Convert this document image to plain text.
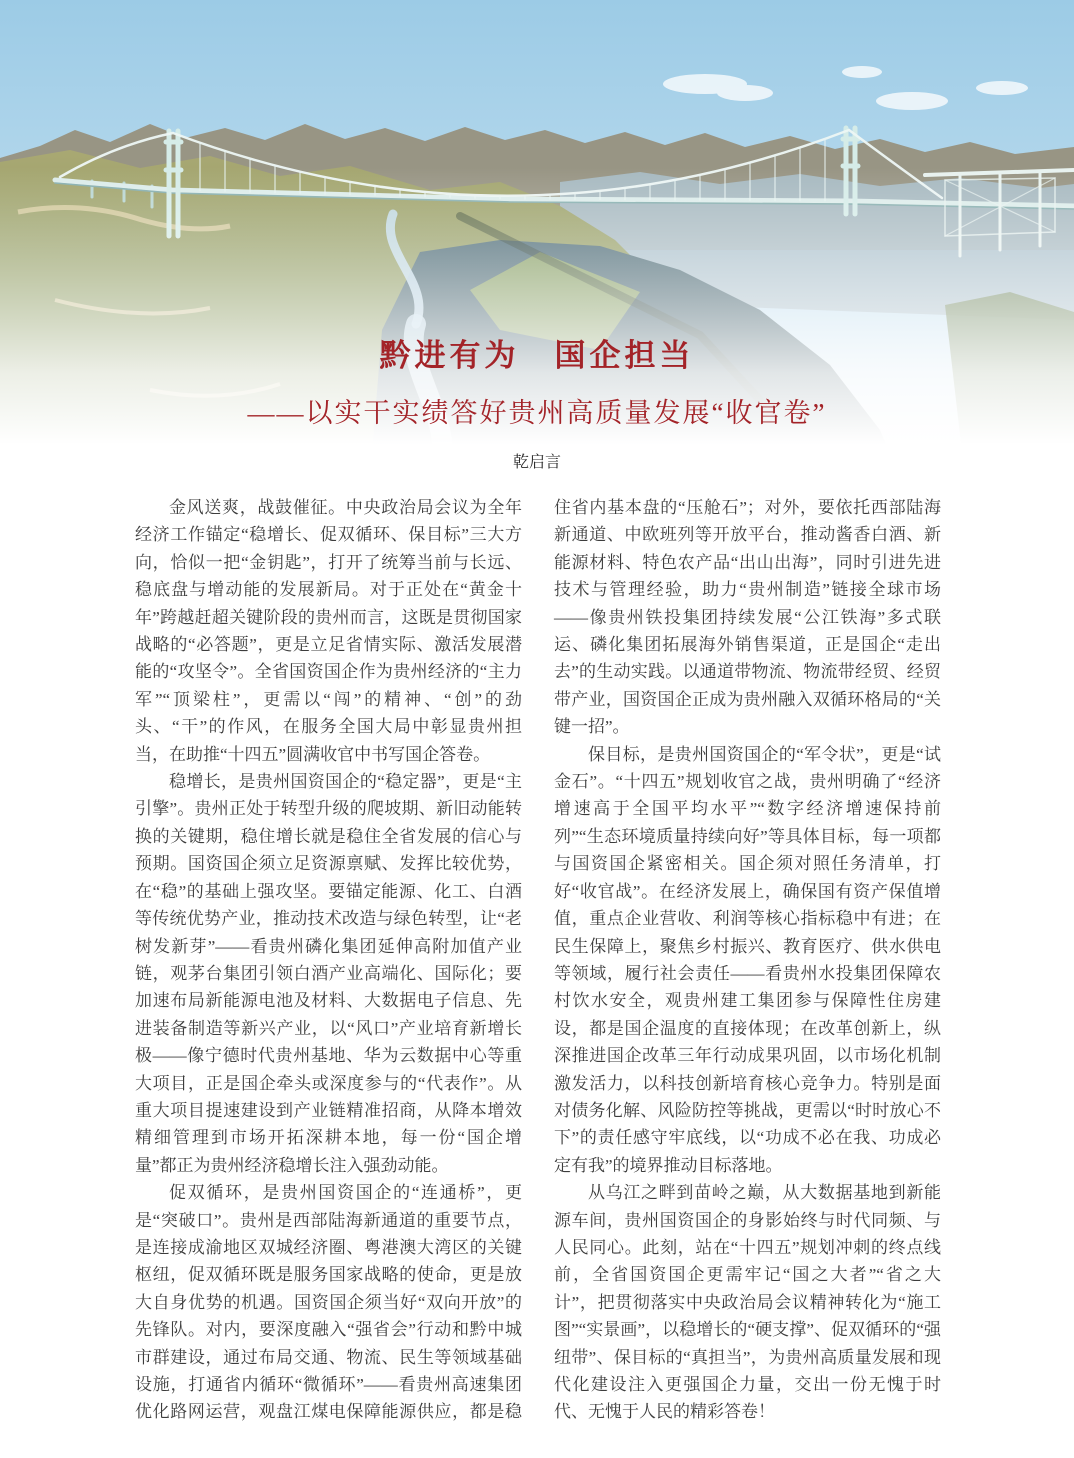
黔进有为　国企担当
——以实干实绩答好贵州高质量发展“收官卷”
乾启言

金风送爽，战鼓催征。中央政治局会议为全年经济工作锚定“稳增长、促双循环、保目标”三大方向，恰似一把“金钥匙”，打开了统筹当前与长远、稳底盘与增动能的发展新局。对于正处在“黄金十年”跨越赶超关键阶段的贵州而言，这既是贯彻国家战略的“必答题”，更是立足省情实际、激活发展潜能的“攻坚令”。全省国资国企作为贵州经济的“主力军”“顶梁柱”，更需以“闯”的精神、“创”的劲头、“干”的作风，在服务全国大局中彰显贵州担当，在助推“十四五”圆满收官中书写国企答卷。

稳增长，是贵州国资国企的“稳定器”，更是“主引擎”。贵州正处于转型升级的爬坡期、新旧动能转换的关键期，稳住增长就是稳住全省发展的信心与预期。国资国企须立足资源禀赋、发挥比较优势，在“稳”的基础上强攻坚。要锚定能源、化工、白酒等传统优势产业，推动技术改造与绿色转型，让“老树发新芽”——看贵州磷化集团延伸高附加值产业链，观茅台集团引领白酒产业高端化、国际化；要加速布局新能源电池及材料、大数据电子信息、先进装备制造等新兴产业，以“风口”产业培育新增长极——像宁德时代贵州基地、华为云数据中心等重大项目，正是国企牵头或深度参与的“代表作”。从重大项目提速建设到产业链精准招商，从降本增效精细管理到市场开拓深耕本地，每一份“国企增量”都正为贵州经济稳增长注入强劲动能。

促双循环，是贵州国资国企的“连通桥”，更是“突破口”。贵州是西部陆海新通道的重要节点，是连接成渝地区双城经济圈、粤港澳大湾区的关键枢纽，促双循环既是服务国家战略的使命，更是放大自身优势的机遇。国资国企须当好“双向开放”的先锋队。对内，要深度融入“强省会”行动和黔中城市群建设，通过布局交通、物流、民生等领域基础设施，打通省内循环“微循环”——看贵州高速集团优化路网运营，观盘江煤电保障能源供应，都是稳住省内基本盘的“压舱石”；对外，要依托西部陆海新通道、中欧班列等开放平台，推动酱香白酒、新能源材料、特色农产品“出山出海”，同时引进先进技术与管理经验，助力“贵州制造”链接全球市场——像贵州铁投集团持续发展“公江铁海”多式联运、磷化集团拓展海外销售渠道，正是国企“走出去”的生动实践。以通道带物流、物流带经贸、经贸带产业，国资国企正成为贵州融入双循环格局的“关键一招”。

保目标，是贵州国资国企的“军令状”，更是“试金石”。“十四五”规划收官之战，贵州明确了“经济增速高于全国平均水平”“数字经济增速保持前列”“生态环境质量持续向好”等具体目标，每一项都与国资国企紧密相关。国企须对照任务清单，打好“收官战”。在经济发展上，确保国有资产保值增值，重点企业营收、利润等核心指标稳中有进；在民生保障上，聚焦乡村振兴、教育医疗、供水供电等领域，履行社会责任——看贵州水投集团保障农村饮水安全，观贵州建工集团参与保障性住房建设，都是国企温度的直接体现；在改革创新上，纵深推进国企改革三年行动成果巩固，以市场化机制激发活力，以科技创新培育核心竞争力。特别是面对债务化解、风险防控等挑战，更需以“时时放心不下”的责任感守牢底线，以“功成不必在我、功成必定有我”的境界推动目标落地。

从乌江之畔到苗岭之巅，从大数据基地到新能源车间，贵州国资国企的身影始终与时代同频、与人民同心。此刻，站在“十四五”规划冲刺的终点线前，全省国资国企更需牢记“国之大者”“省之大计”，把贯彻落实中央政治局会议精神转化为“施工图”“实景画”，以稳增长的“硬支撑”、促双循环的“强纽带”、保目标的“真担当”，为贵州高质量发展和现代化建设注入更强国企力量，交出一份无愧于时代、无愧于人民的精彩答卷！
